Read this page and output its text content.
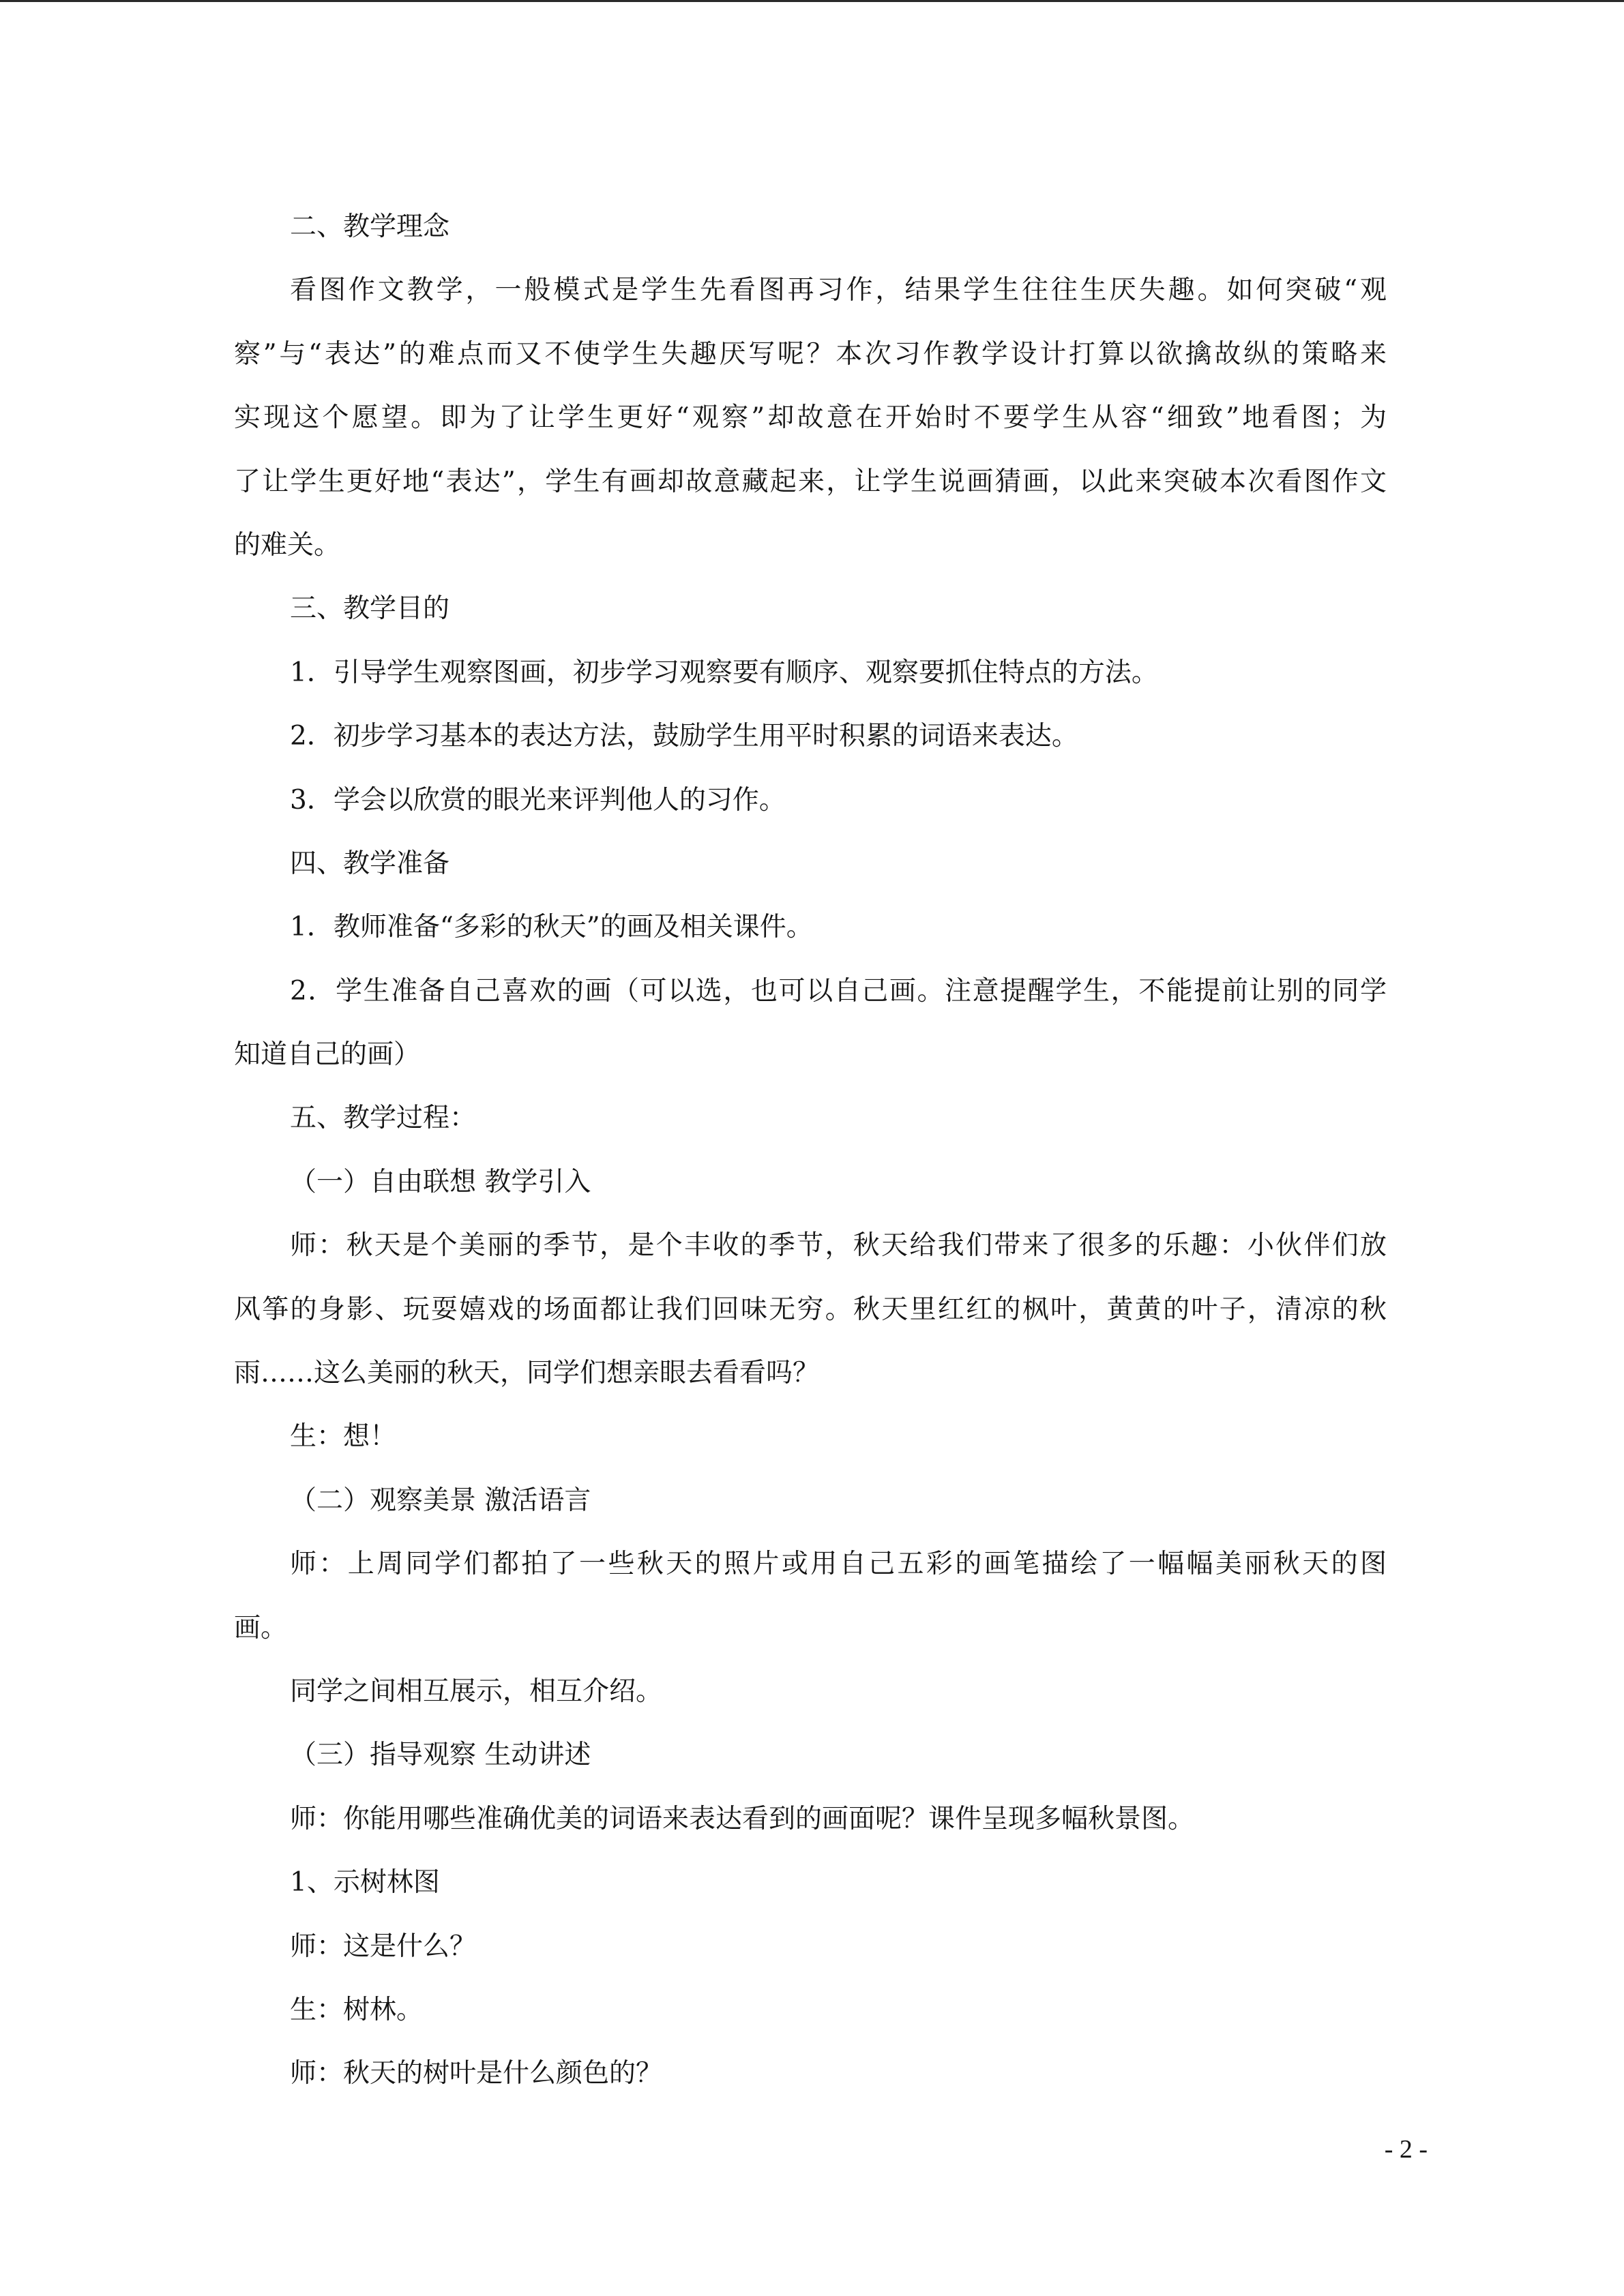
二、教学理念
看图作文教学，一般模式是学生先看图再习作，结果学生往往生厌失趣。如何突破“观
察”与“表达”的难点而又不使学生失趣厌写呢？本次习作教学设计打算以欲擒故纵的策略来
实现这个愿望。即为了让学生更好“观察”却故意在开始时不要学生从容“细致”地看图；为
了让学生更好地“表达”，学生有画却故意藏起来，让学生说画猜画，以此来突破本次看图作文
的难关。
三、教学目的
1．引导学生观察图画，初步学习观察要有顺序、观察要抓住特点的方法。
2．初步学习基本的表达方法，鼓励学生用平时积累的词语来表达。
3．学会以欣赏的眼光来评判他人的习作。
四、教学准备
1．教师准备“多彩的秋天”的画及相关课件。
2．学生准备自己喜欢的画（可以选，也可以自己画。注意提醒学生，不能提前让别的同学
知道自己的画）
五、教学过程：
（一）自由联想 教学引入
师：秋天是个美丽的季节，是个丰收的季节，秋天给我们带来了很多的乐趣：小伙伴们放
风筝的身影、玩耍嬉戏的场面都让我们回味无穷。秋天里红红的枫叶，黄黄的叶子，清凉的秋
雨……这么美丽的秋天，同学们想亲眼去看看吗？
生：想！
（二）观察美景 激活语言
师：上周同学们都拍了一些秋天的照片或用自己五彩的画笔描绘了一幅幅美丽秋天的图
画。
同学之间相互展示，相互介绍。
（三）指导观察 生动讲述
师：你能用哪些准确优美的词语来表达看到的画面呢？课件呈现多幅秋景图。
1、示树林图
师：这是什么？
生：树林。
师：秋天的树叶是什么颜色的？
- 2 -
